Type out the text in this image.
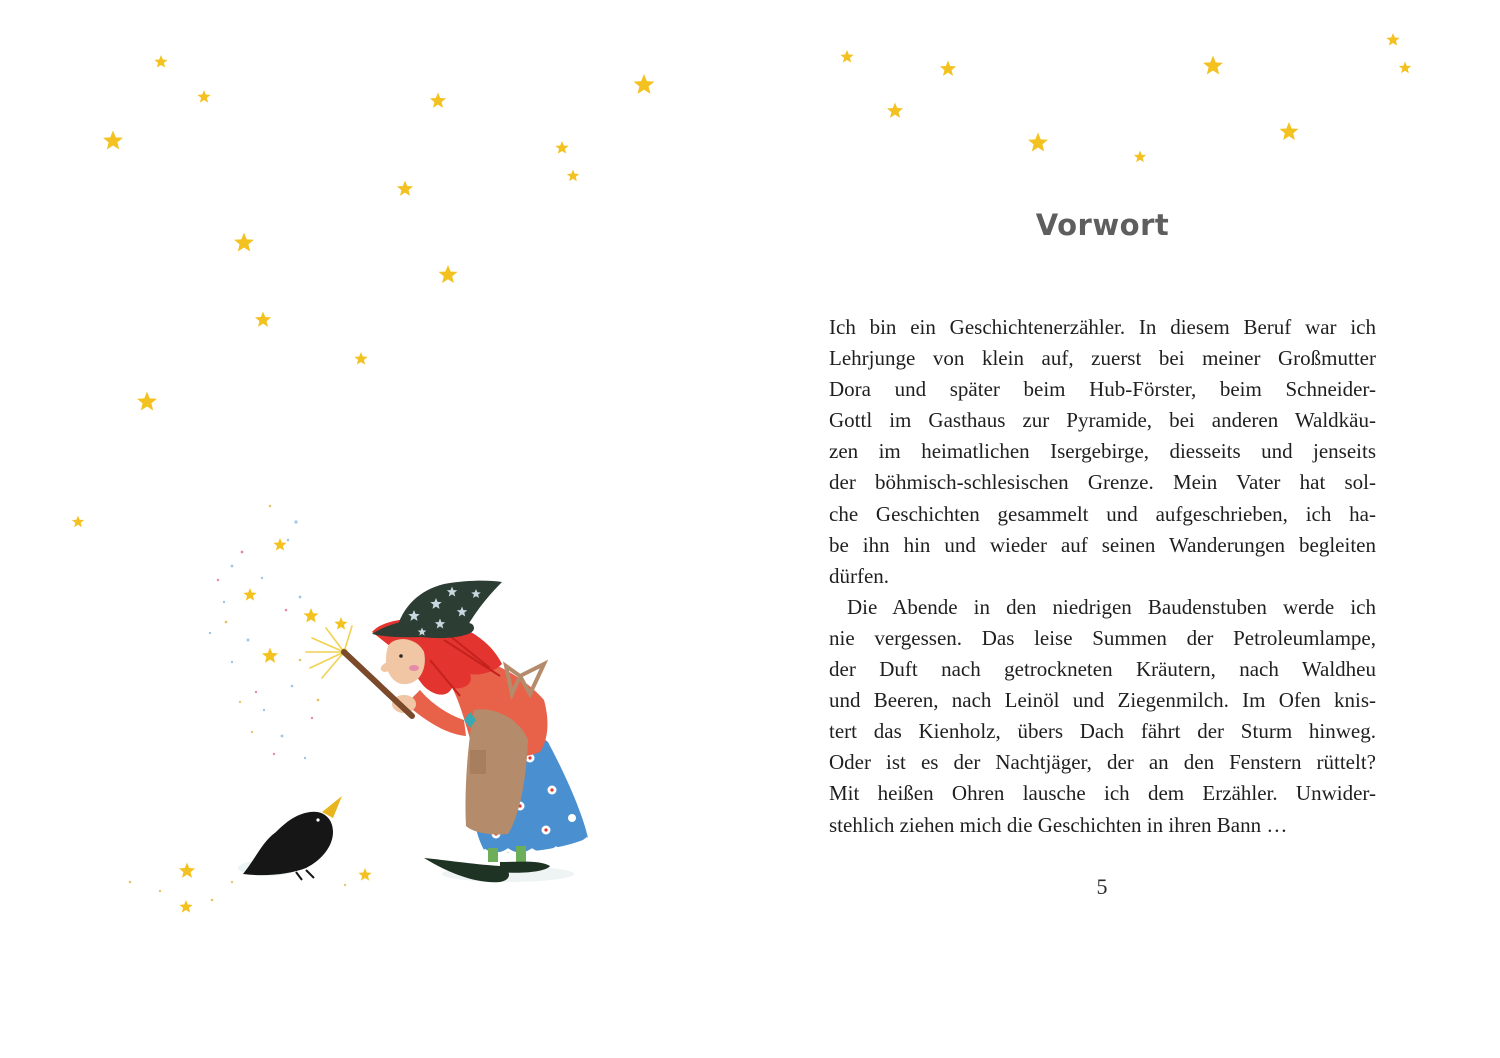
Vorwort

Ich bin ein Geschichtenerzähler. In diesem Beruf war ich

Lehrjunge von klein auf, zuerst bei meiner Großmutter

Dora und später beim Hub-Förster, beim Schneider-

Gottl im Gasthaus zur Pyramide, bei anderen Waldkäu-

zen im heimatlichen Isergebirge, diesseits und jenseits

der böhmisch-schlesischen Grenze. Mein Vater hat sol-

che Geschichten gesammelt und aufgeschrieben, ich ha-

be ihn hin und wieder auf seinen Wanderungen begleiten

dürfen.

Die Abende in den niedrigen Baudenstuben werde ich

nie vergessen. Das leise Summen der Petroleumlampe,

der Duft nach getrockneten Kräutern, nach Waldheu

und Beeren, nach Leinöl und Ziegenmilch. Im Ofen knis-

tert das Kienholz, übers Dach fährt der Sturm hinweg.

Oder ist es der Nachtjäger, der an den Fenstern rüttelt?

Mit heißen Ohren lausche ich dem Erzähler. Unwider-

stehlich ziehen mich die Geschichten in ihren Bann …

5
